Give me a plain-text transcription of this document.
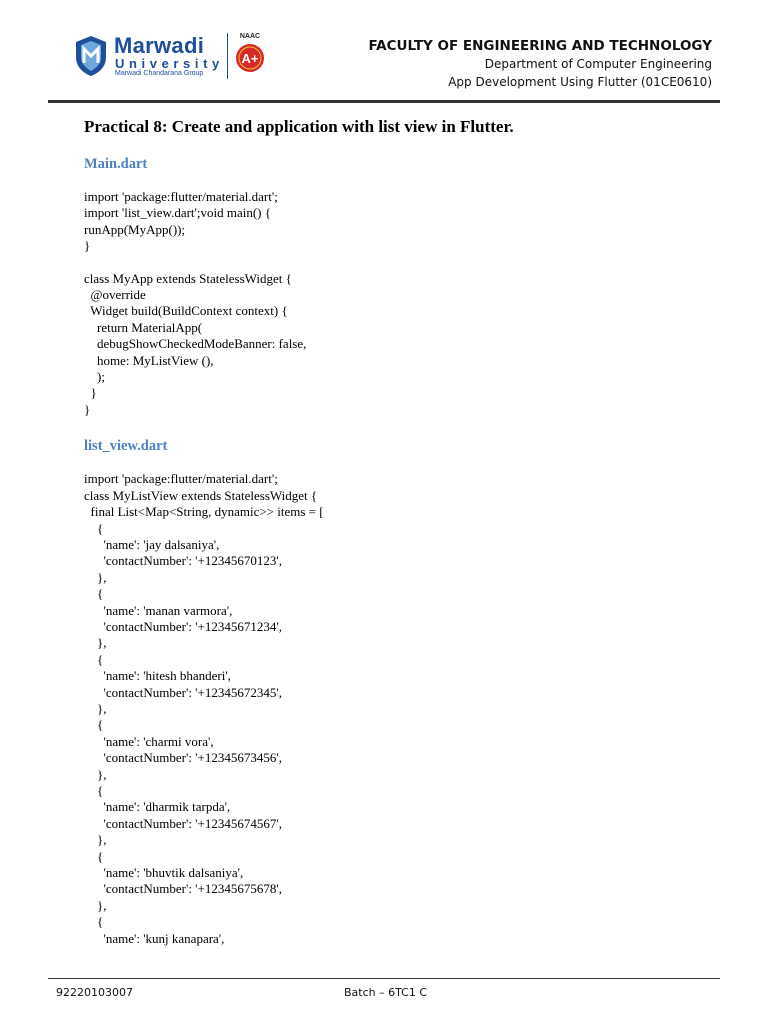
Marwadi
University
Marwadi Chandarana Group
NAAC
A+
FACULTY OF ENGINEERING AND TECHNOLOGY
Department of Computer Engineering
App Development Using Flutter (01CE0610)
Practical 8: Create and application with list view in Flutter.
Main.dart
import 'package:flutter/material.dart';
import 'list_view.dart';void main() {
runApp(MyApp());
}
class MyApp extends StatelessWidget {
@override
Widget build(BuildContext context) {
return MaterialApp(
debugShowCheckedModeBanner: false,
home: MyListView (),
);
}
}
list_view.dart
import 'package:flutter/material.dart';
class MyListView extends StatelessWidget {
final List<Map<String, dynamic>> items = [
{
'name': 'jay dalsaniya',
'contactNumber': '+12345670123',
},
{
'name': 'manan varmora',
'contactNumber': '+12345671234',
},
{
'name': 'hitesh bhanderi',
'contactNumber': '+12345672345',
},
{
'name': 'charmi vora',
'contactNumber': '+12345673456',
},
{
'name': 'dharmik tarpda',
'contactNumber': '+12345674567',
},
{
'name': 'bhuvtik dalsaniya',
'contactNumber': '+12345675678',
},
{
'name': 'kunj kanapara',
92220103007	Batch – 6TC1 C
